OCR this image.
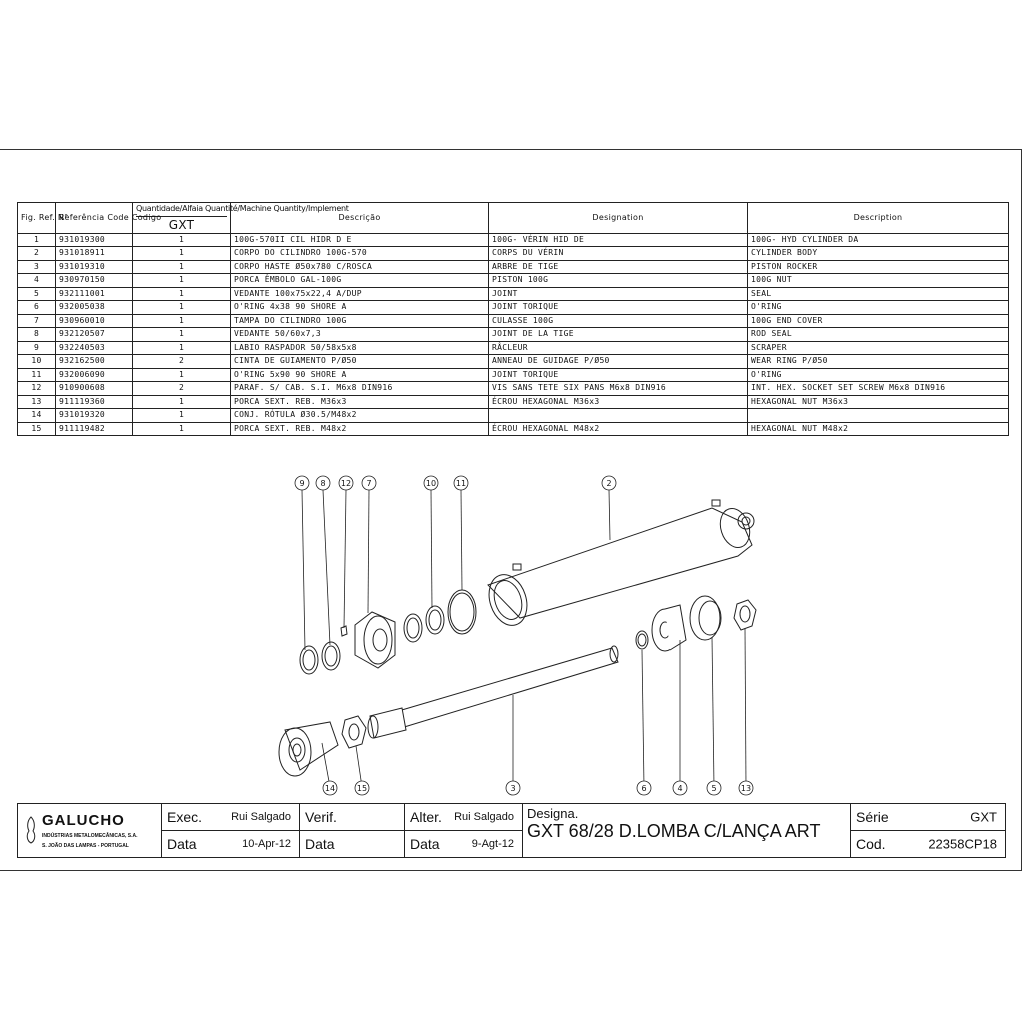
Fig. Ref. N°	Referência Code Codigo	Quantidade/Alfaia Quantité/Machine Quantity/Implement
GXT	Descrição	Designation	Description
1	931019300	1	100G-570II CIL HIDR D E	100G- VÉRIN HID DE	100G- HYD CYLINDER DA
2	931018911	1	CORPO DO CILINDRO 100G-570	CORPS DU VÉRIN	CYLINDER BODY
3	931019310	1	CORPO HASTE Ø50x780 C/ROSCA	ARBRE DE TIGE	PISTON ROCKER
4	930970150	1	PORCA ÊMBOLO GAL-100G	PISTON 100G	100G NUT
5	932111001	1	VEDANTE 100x75x22,4 A/DUP	JOINT	SEAL
6	932005038	1	O'RING 4x38 90 SHORE A	JOINT TORIQUE	O'RING
7	930960010	1	TAMPA DO CILINDRO 100G	CULASSE 100G	100G END COVER
8	932120507	1	VEDANTE 50/60x7,3	JOINT DE LA TIGE	ROD SEAL
9	932240503	1	LABIO RASPADOR 50/58x5x8	RÂCLEUR	SCRAPER
10	932162500	2	CINTA DE GUIAMENTO P/Ø50	ANNEAU DE GUIDAGE P/Ø50	WEAR RING P/Ø50
11	932006090	1	O'RING 5x90 90 SHORE A	JOINT TORIQUE	O'RING
12	910900608	2	PARAF. S/ CAB. S.I. M6x8 DIN916	VIS SANS TETE SIX PANS M6x8 DIN916	INT. HEX. SOCKET SET SCREW M6x8 DIN916
13	911119360	1	PORCA SEXT. REB. M36x3	ÉCROU HEXAGONAL M36x3	HEXAGONAL NUT M36x3
14	931019320	1	CONJ. RÓTULA Ø30.5/M48x2		
15	911119482	1	PORCA SEXT. REB. M48x2	ÉCROU HEXAGONAL M48x2	HEXAGONAL NUT M48x2
9 8 12 7	10 11	2
14	15	3	6	4	5	13
GALUCHO
INDÚSTRIAS METALOMECÂNICAS, S.A.
S. JOÃO DAS LAMPAS - PORTUGAL
Exec.	Rui Salgado
Data	10-Apr-12
Verif.
Data
Alter. Rui Salgado
Data	9-Agt-12
Designa.
GXT 68/28 D.LOMBA C/LANÇA ART
Série	GXT
Cod.	22358CP18
